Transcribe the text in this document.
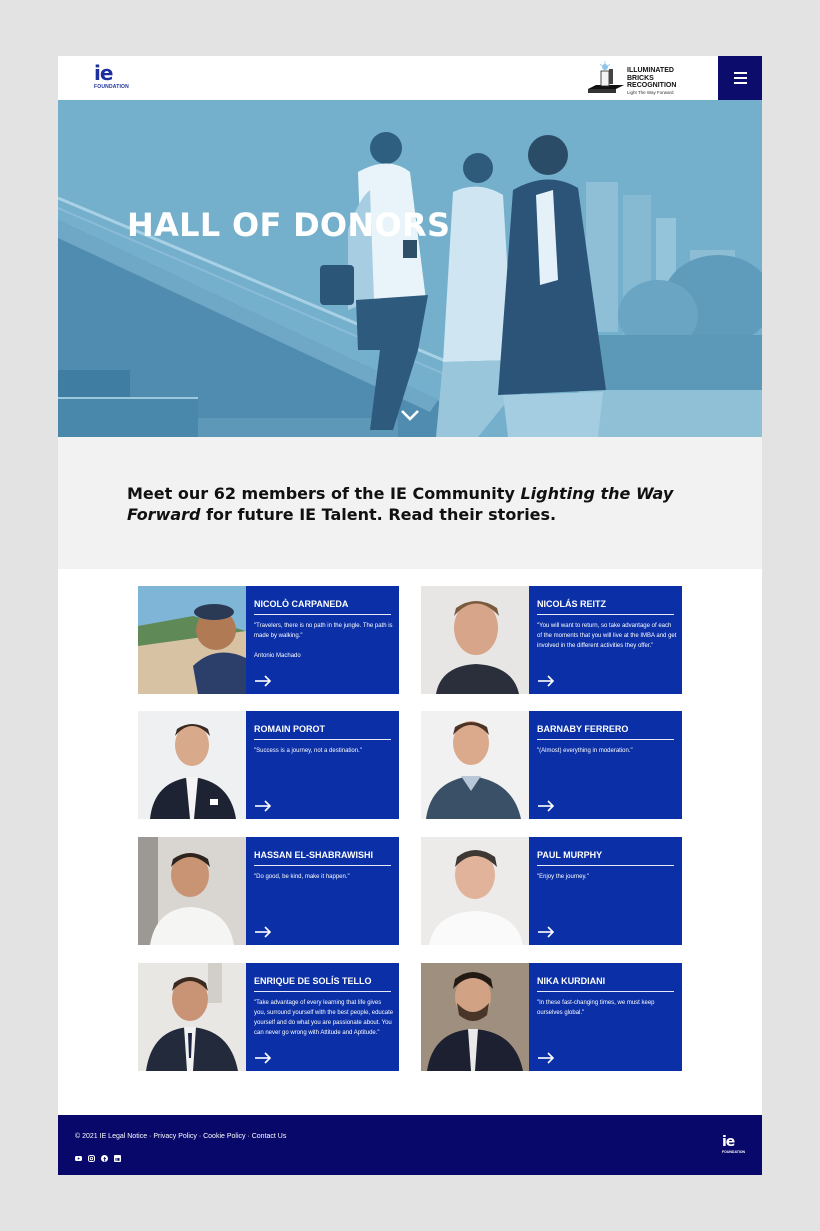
ie
FOUNDATION
ILLUMINATED
BRICKS
RECOGNITION
Light The Way Forward
HALL OF DONORS

Meet our 62 members of the IE Community Lighting the Way Forward for future IE Talent. Read their stories.

NICOLÒ CARPANEDA
"Travelers, there is no path in the jungle. The path is made by walking."
Antonio Machado
NICOLÁS REITZ
"You will want to return, so take advantage of each of the moments that you will live at the IMBA and get involved in the different activities they offer."
ROMAIN POROT
"Success is a journey, not a destination."
BARNABY FERRERO
"(Almost) everything in moderation."
HASSAN EL-SHABRAWISHI
"Do good, be kind, make it happen."
PAUL MURPHY
"Enjoy the journey."
ENRIQUE DE SOLÍS TELLO
"Take advantage of every learning that life gives you, surround yourself with the best people, educate yourself and do what you are passionate about. You can never go wrong with Attitude and Aptitude."
NIKA KURDIANI
"In these fast-changing times, we must keep ourselves global."
© 2021 IE Legal Notice · Privacy Policy · Cookie Policy · Contact Us	ie
FOUNDATION
